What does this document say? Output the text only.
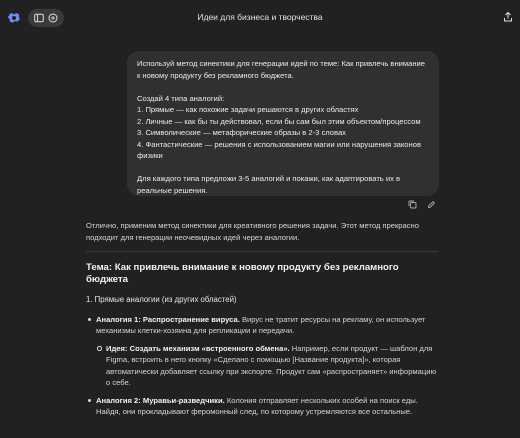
Идеи для бизнеса и творчества
Используй метод синектики для генерации идей по теме: Как привлечь внимание к новому продукту без рекламного бюджета.

Создай 4 типа аналогий:
1. Прямые — как похожие задачи решаются в других областях
2. Личные — как бы ты действовал, если бы сам был этим объектом/процессом
3. Символические — метафорические образы в 2-3 словах
4. Фантастические — решения с использованием магии или нарушения законов физики

Для каждого типа предложи 3-5 аналогий и покажи, как адаптировать их в реальные решения.

Отлично, применим метод синектики для креативного решения задачи. Этот метод прекрасно подходит для генерации неочевидных идей через аналогии.

Тема: Как привлечь внимание к новому продукту без рекламного бюджета
1. Прямые аналогии (из других областей)
Аналогия 1: Распространение вируса. Вирус не тратит ресурсы на рекламу, он использует механизмы клетки-хозяина для репликации и передачи.
Идея: Создать механизм «встроенного обмена». Например, если продукт — шаблон для Figma, встроить в него кнопку «Сделано с помощью [Название продукта]», которая автоматически добавляет ссылку при экспорте. Продукт сам «распространяет» информацию о себе.
Аналогия 2: Муравьи-разведчики. Колония отправляет нескольких особей на поиск еды. Найдя, они прокладывают феромонный след, по которому устремляются все остальные.
